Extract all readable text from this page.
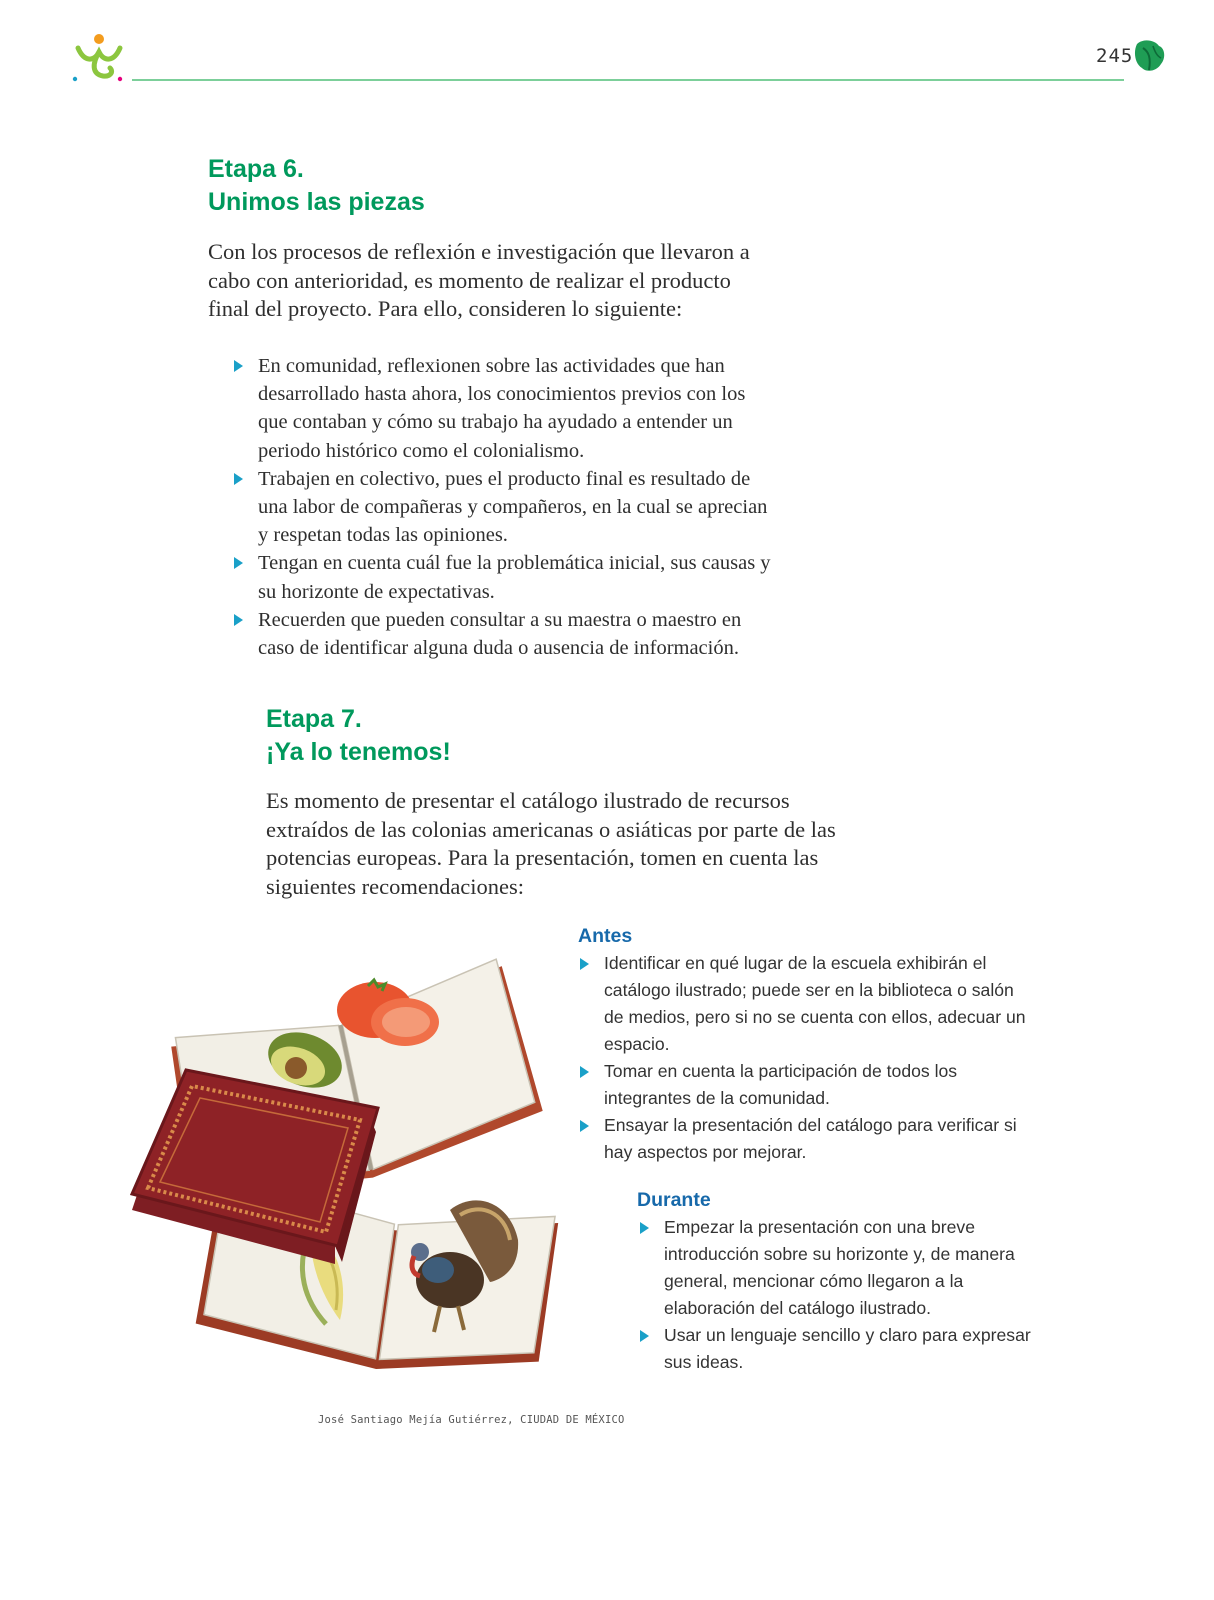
245
Etapa 6.
Unimos las piezas

Con los procesos de reflexión e investigación que llevaron a cabo con anterioridad, es momento de realizar el producto final del proyecto. Para ello, consideren lo siguiente:

En comunidad, reflexionen sobre las actividades que han desarrollado hasta ahora, los conocimientos previos con los que contaban y cómo su trabajo ha ayudado a entender un periodo histórico como el colonialismo.
Trabajen en colectivo, pues el producto final es resultado de una labor de compañeras y compañeros, en la cual se aprecian y respetan todas las opiniones.
Tengan en cuenta cuál fue la problemática inicial, sus causas y su horizonte de expectativas.
Recuerden que pueden consultar a su maestra o maestro en caso de identificar alguna duda o ausencia de información.
Etapa 7.
¡Ya lo tenemos!

Es momento de presentar el catálogo ilustrado de recursos extraídos de las colonias americanas o asiáticas por parte de las potencias europeas. Para la presentación, tomen en cuenta las siguientes recomendaciones:

Antes
Identificar en qué lugar de la escuela exhibirán el catálogo ilustrado; puede ser en la biblioteca o salón de medios, pero si no se cuenta con ellos, adecuar un espacio.
Tomar en cuenta la participación de todos los integrantes de la comunidad.
Ensayar la presentación del catálogo para verificar si hay aspectos por mejorar.
Durante
Empezar la presentación con una breve introducción sobre su horizonte y, de manera general, mencionar cómo llegaron a la elaboración del catálogo ilustrado.
Usar un lenguaje sencillo y claro para expresar sus ideas.
José Santiago Mejía Gutiérrez, CIUDAD DE MÉXICO
